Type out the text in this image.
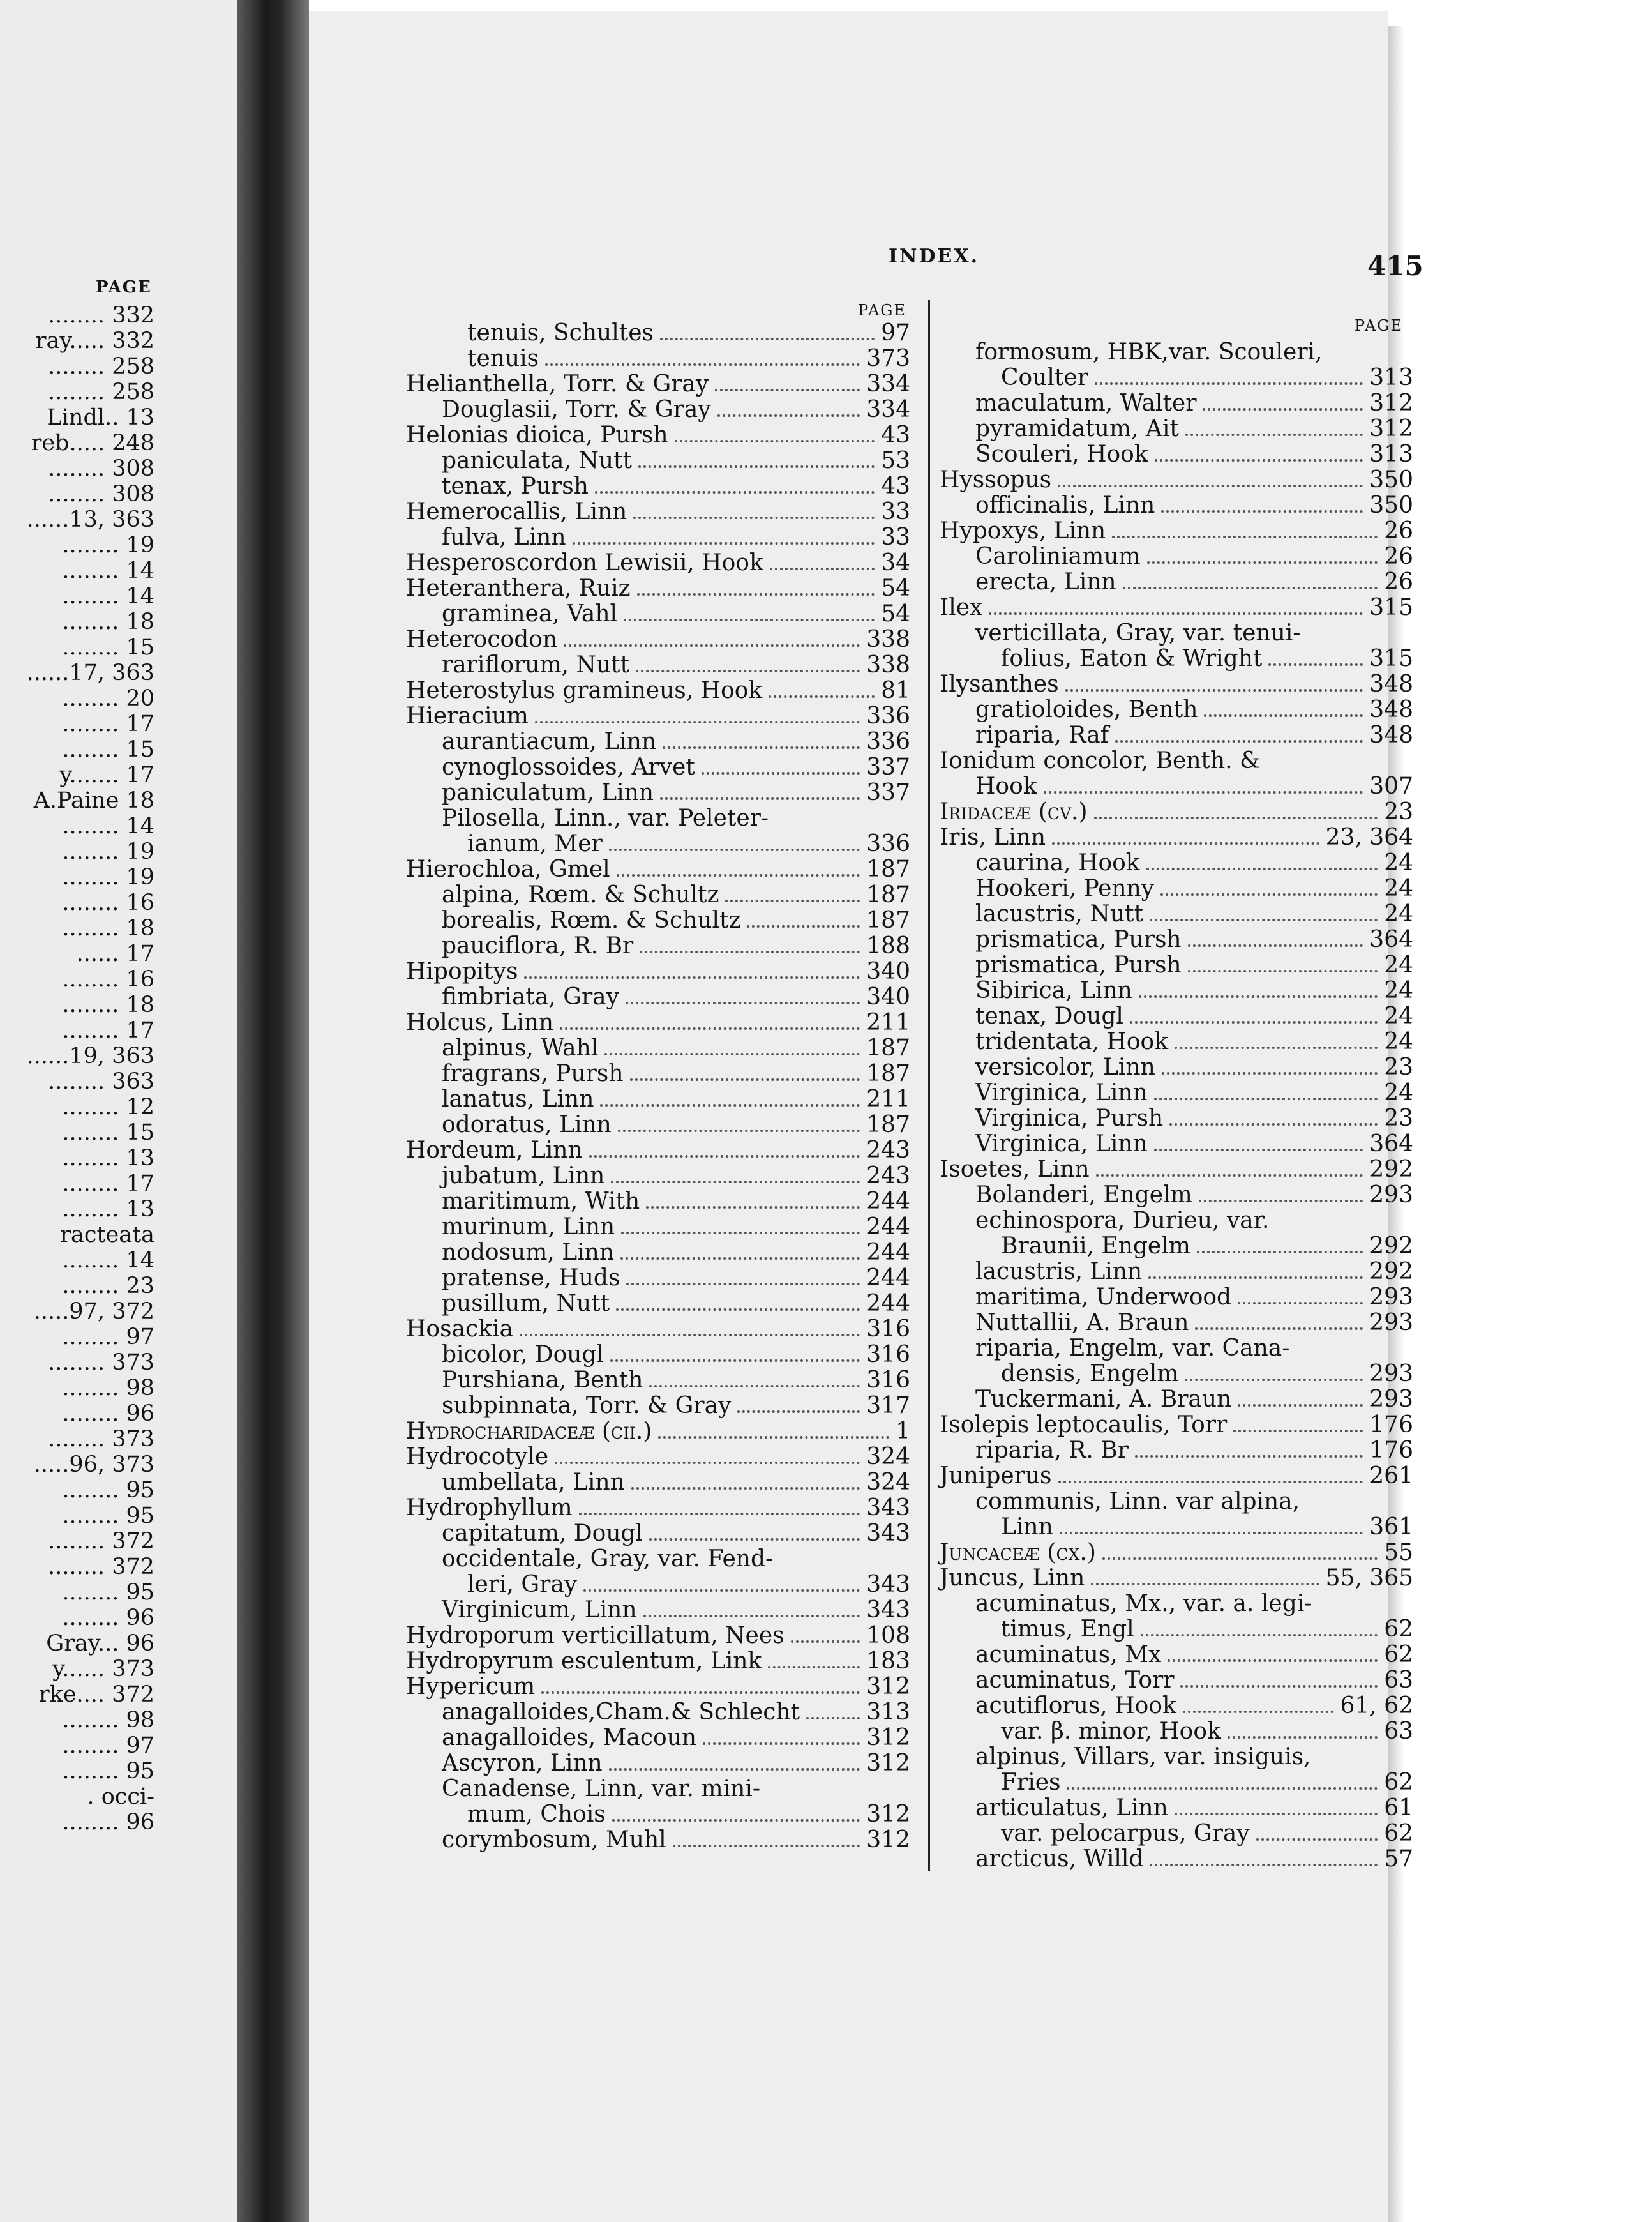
PAGE
........ 332
ray..... 332
........ 258
........ 258
Lindl.. 13
reb..... 248
........ 308
........ 308
......13, 363
........ 19
........ 14
........ 14
........ 18
........ 15
......17, 363
........ 20
........ 17
........ 15
y....... 17
A.Paine 18
........ 14
........ 19
........ 19
........ 16
........ 18
...... 17
........ 16
........ 18
........ 17
......19, 363
........ 363
........ 12
........ 15
........ 13
........ 17
........ 13
racteata
........ 14
........ 23
.....97, 372
........ 97
........ 373
........ 98
........ 96
........ 373
.....96, 373
........ 95
........ 95
........ 372
........ 372
........ 95
........ 96
Gray... 96
y...... 373
rke.... 372
........ 98
........ 97
........ 95
. occi-
........ 96
INDEX.	415
PAGE
PAGE
tenuis, Schultes	97
tenuis	373
Helianthella, Torr. & Gray	334
Douglasii, Torr. & Gray	334
Helonias dioica, Pursh	43
paniculata, Nutt	53
tenax, Pursh	43
Hemerocallis, Linn	33
fulva, Linn	33
Hesperoscordon Lewisii, Hook	34
Heteranthera, Ruiz	54
graminea, Vahl	54
Heterocodon	338
rariflorum, Nutt	338
Heterostylus gramineus, Hook	81
Hieracium	336
aurantiacum, Linn	336
cynoglossoides, Arvet	337
paniculatum, Linn	337
Pilosella, Linn., var. Peleter-
ianum, Mer	336
Hierochloa, Gmel	187
alpina, Rœm. & Schultz	187
borealis, Rœm. & Schultz	187
pauciflora, R. Br	188
Hipopitys	340
fimbriata, Gray	340
Holcus, Linn	211
alpinus, Wahl	187
fragrans, Pursh	187
lanatus, Linn	211
odoratus, Linn	187
Hordeum, Linn	243
jubatum, Linn	243
maritimum, With	244
murinum, Linn	244
nodosum, Linn	244
pratense, Huds	244
pusillum, Nutt	244
Hosackia	316
bicolor, Dougl	316
Purshiana, Benth	316
subpinnata, Torr. & Gray	317
Hydrocharidaceæ (cii.)	1
Hydrocotyle	324
umbellata, Linn	324
Hydrophyllum	343
capitatum, Dougl	343
occidentale, Gray, var. Fend-
leri, Gray	343
Virginicum, Linn	343
Hydroporum verticillatum, Nees	108
Hydropyrum esculentum, Link	183
Hypericum	312
anagalloides,Cham.& Schlecht	313
anagalloides, Macoun	312
Ascyron, Linn	312
Canadense, Linn, var. mini-
mum, Chois	312
corymbosum, Muhl	312
formosum, HBK,var. Scouleri,
Coulter	313
maculatum, Walter	312
pyramidatum, Ait	312
Scouleri, Hook	313
Hyssopus	350
officinalis, Linn	350
Hypoxys, Linn	26
Caroliniamum	26
erecta, Linn	26
Ilex	315
verticillata, Gray, var. tenui-
folius, Eaton & Wright	315
Ilysanthes	348
gratioloides, Benth	348
riparia, Raf	348
Ionidum concolor, Benth. &
Hook	307
Iridaceæ (cv.)	23
Iris, Linn	23, 364
caurina, Hook	24
Hookeri, Penny	24
lacustris, Nutt	24
prismatica, Pursh	364
prismatica, Pursh	24
Sibirica, Linn	24
tenax, Dougl	24
tridentata, Hook	24
versicolor, Linn	23
Virginica, Linn	24
Virginica, Pursh	23
Virginica, Linn	364
Isoetes, Linn	292
Bolanderi, Engelm	293
echinospora, Durieu, var.
Braunii, Engelm	292
lacustris, Linn	292
maritima, Underwood	293
Nuttallii, A. Braun	293
riparia, Engelm, var. Cana-
densis, Engelm	293
Tuckermani, A. Braun	293
Isolepis leptocaulis, Torr	176
riparia, R. Br	176
Juniperus	261
communis, Linn. var alpina,
Linn	361
Juncaceæ (cx.)	55
Juncus, Linn	55, 365
acuminatus, Mx., var. a. legi-
timus, Engl	62
acuminatus, Mx	62
acuminatus, Torr	63
acutiflorus, Hook	61, 62
var. β. minor, Hook	63
alpinus, Villars, var. insiguis,
Fries	62
articulatus, Linn	61
var. pelocarpus, Gray	62
arcticus, Willd	57
